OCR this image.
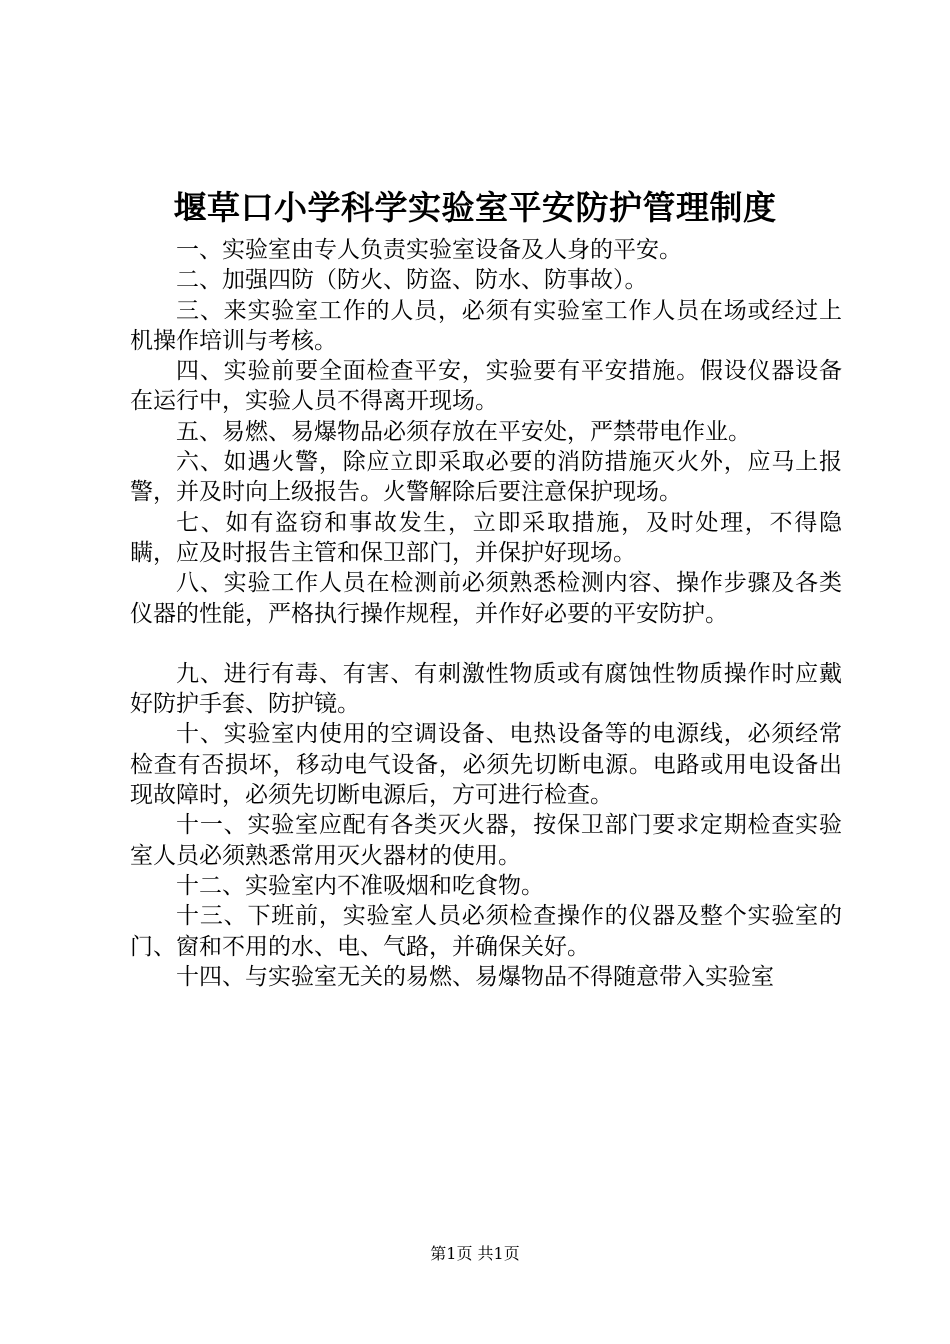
堰草口小学科学实验室平安防护管理制度

一、实验室由专人负责实验室设备及人身的平安。

二、加强四防（防火、防盗、防水、防事故）。

三、来实验室工作的人员，必须有实验室工作人员在场或经过上机操作培训与考核。

四、实验前要全面检查平安，实验要有平安措施。假设仪器设备在运行中，实验人员不得离开现场。

五、易燃、易爆物品必须存放在平安处，严禁带电作业。

六、如遇火警，除应立即采取必要的消防措施灭火外，应马上报警，并及时向上级报告。火警解除后要注意保护现场。

七、如有盗窃和事故发生，立即采取措施，及时处理，不得隐瞒，应及时报告主管和保卫部门，并保护好现场。

八、实验工作人员在检测前必须熟悉检测内容、操作步骤及各类仪器的性能，严格执行操作规程，并作好必要的平安防护。

九、进行有毒、有害、有刺激性物质或有腐蚀性物质操作时应戴好防护手套、防护镜。

十、实验室内使用的空调设备、电热设备等的电源线，必须经常检查有否损坏，移动电气设备，必须先切断电源。电路或用电设备出现故障时，必须先切断电源后，方可进行检查。

十一、实验室应配有各类灭火器，按保卫部门要求定期检查实验室人员必须熟悉常用灭火器材的使用。

十二、实验室内不准吸烟和吃食物。

十三、下班前，实验室人员必须检查操作的仪器及整个实验室的门、窗和不用的水、电、气路，并确保关好。

十四、与实验室无关的易燃、易爆物品不得随意带入实验室

第1页 共1页
